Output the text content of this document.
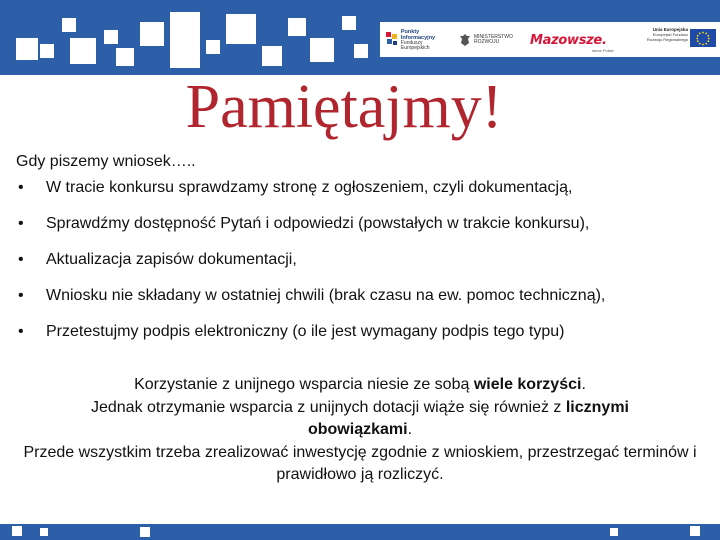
Punkty
Informacyjny
Funduszy Europejskich
MINISTERSTWO
ROZWOJU	Mazowsze.
serce Polski
Unia Europejska
Europejski Fundusz
Rozwoju Regionalnego
Pamiętajmy!
Gdy piszemy wniosek…..
• W tracie konkursu sprawdzamy stronę z ogłoszeniem, czyli dokumentacją,
• Sprawdźmy dostępność Pytań i odpowiedzi (powstałych w trakcie konkursu),
• Aktualizacja zapisów dokumentacji,
• Wniosku nie składany w ostatniej chwili (brak czasu na ew. pomoc techniczną),
• Przetestujmy podpis elektroniczny (o ile jest wymagany podpis tego typu)
Korzystanie z unijnego wsparcia niesie ze sobą wiele korzyści.
Jednak otrzymanie wsparcia z unijnych dotacji wiąże się również z licznymi obowiązkami.
Przede wszystkim trzeba zrealizować inwestycję zgodnie z wnioskiem, przestrzegać terminów i prawidłowo ją rozliczyć.
